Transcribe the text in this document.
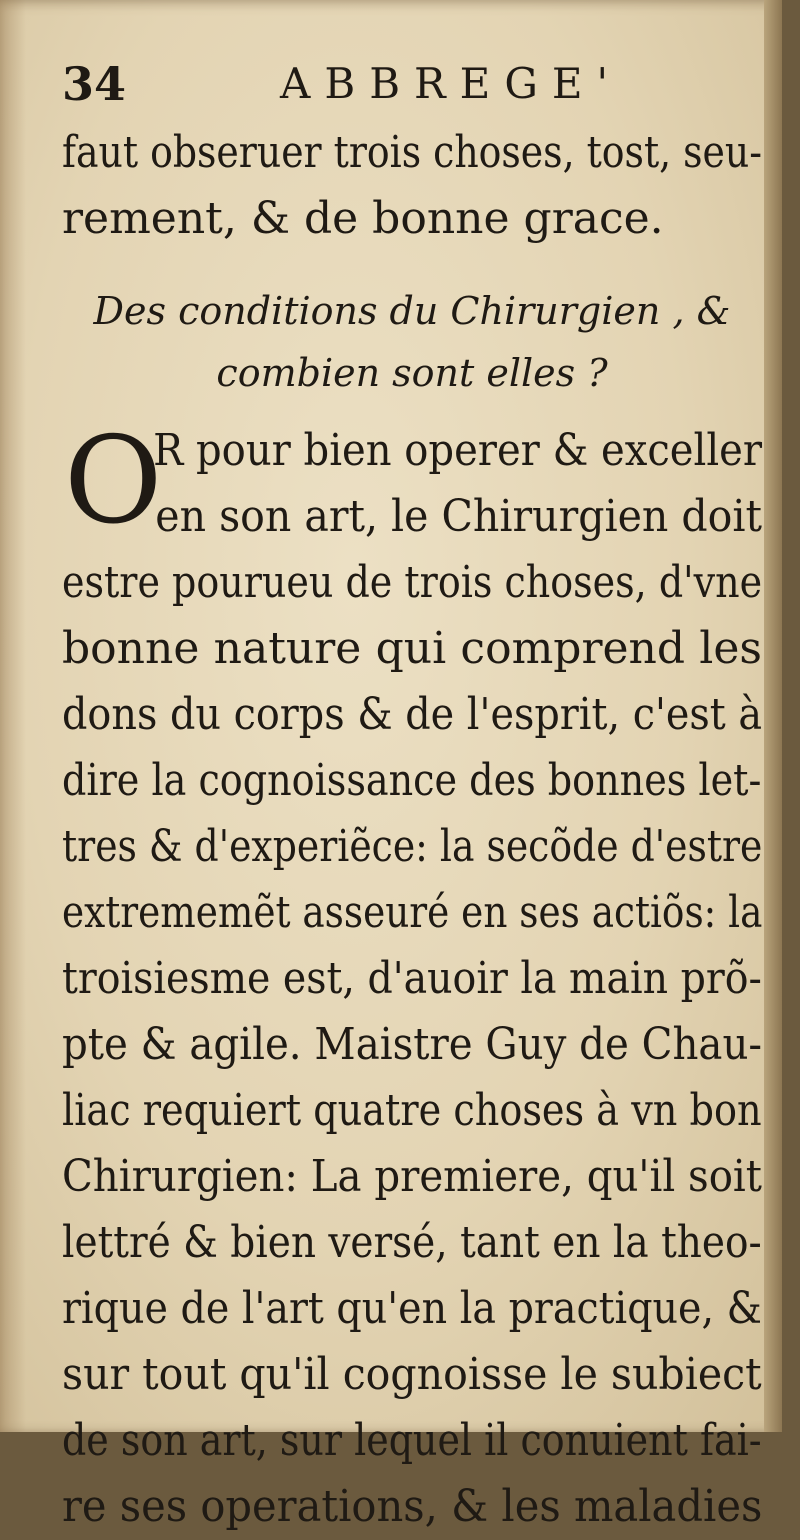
34	ABBREGE'
faut obseruer trois choses, tost, seu-
rement, & de bonne grace.
Des conditions du Chirurgien , &
combien sont elles ?
O
R pour bien operer & exceller
en son art, le Chirurgien doit
estre pourueu de trois choses, d'vne
bonne nature qui comprend les
dons du corps & de l'esprit, c'est à
dire la cognoissance des bonnes let-
tres & d'experiẽce: la secõde d'estre
extrememẽt asseuré en ses actiõs: la
troisiesme est, d'auoir la main prõ-
pte & agile. Maistre Guy de Chau-
liac requiert quatre choses à vn bon
Chirurgien: La premiere, qu'il soit
lettré & bien versé, tant en la theo-
rique de l'art qu'en la practique, &
sur tout qu'il cognoisse le subiect
de son art, sur lequel il conuient fai-
re ses operations, & les maladies
